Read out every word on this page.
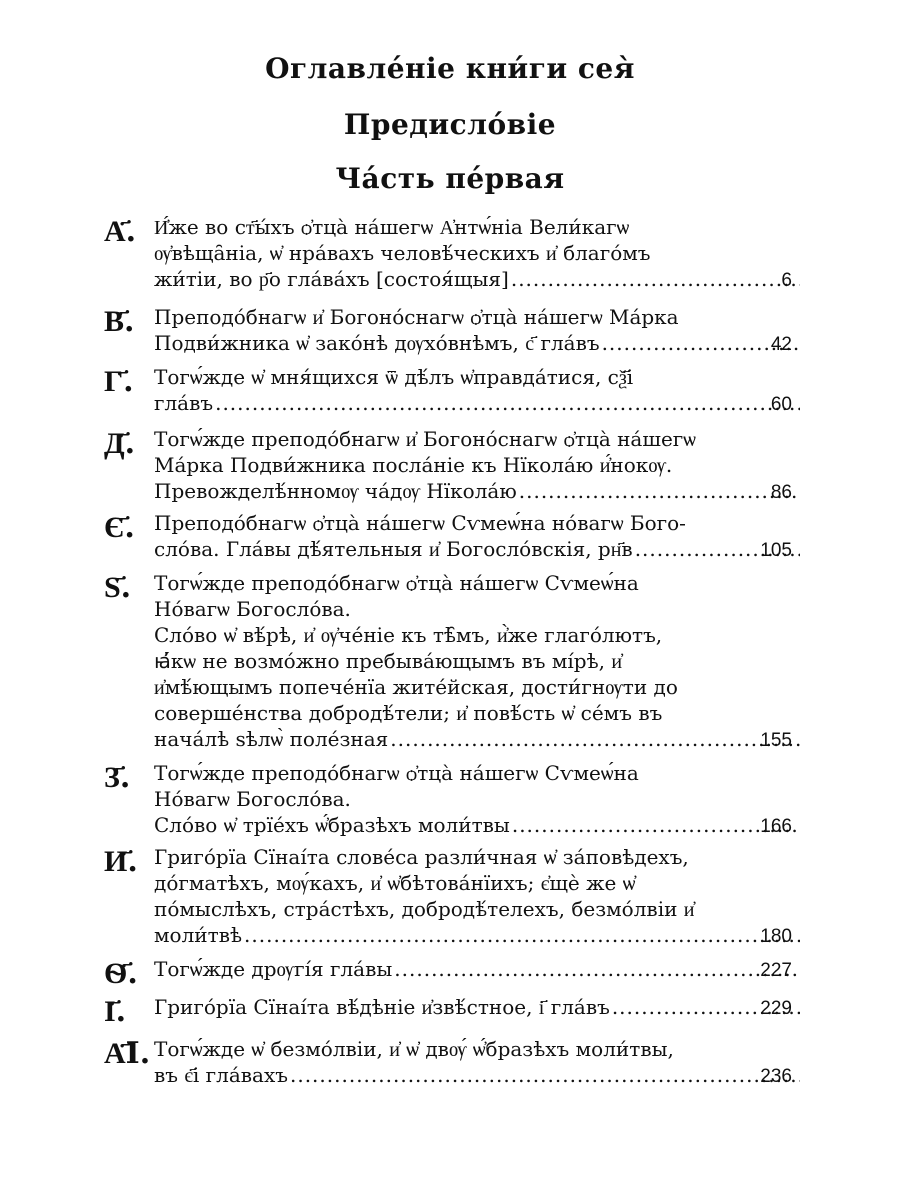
Оглавле́ніе кни́ги сея̀
Предисло́віе
Ча́сть пе́рвая
А҃. И҆́же во ст҃ы́хъ ѻ҆тца̀ на́шегѡ А҆нтѡ́ніа Вели́кагѡ
ѹ҆вѣща̑ніа, ѡ҆ нра́вахъ человѣ́ческихъ и҆ благо́мъ
жи́тіи, во р҃о гла́ва́хъ [состоя́щыя] .....	6
В҃. Преподо́бнагѡ и҆ Богоно́снагѡ ѻ҆тца̀ на́шегѡ Ма́рка
Подви́жника ѡ҆ зако́нѣ дѹхо́внѣмъ, с҃ гла́въ .....	42
Г҃.	Тогѡ́жде ѡ҆ мня́щихся ѿ дѣ́лъ ѡ҆правда́тися, сѯ҃і
гла́въ .....	60
Д҃. Тогѡ́жде преподо́бнагѡ и҆ Богоно́снагѡ ѻ҆тца̀ на́шегѡ
Ма́рка Подви́жника посла́ніе къ Нїкола́ю и҆́нокѹ.
Превожделѣ́нномѹ ча́дѹ Нїкола́ю .....	86
Є҃. Преподо́бнагѡ ѻ҆тца̀ на́шегѡ Сѵмеѡ́на но́вагѡ Бого-
сло́ва. Гла́вы дѣ́ятельныя и҆ Богосло́вскія, рн҃в .....	105
Ѕ҃.	Тогѡ́жде преподо́бнагѡ ѻ҆тца̀ на́шегѡ Сѵмеѡ́на
Но́вагѡ Богосло́ва.
Сло́во ѡ҆ вѣ́рѣ, и҆ ѹ҆че́ніе къ тѣ̑мъ, и҆̀же глаго́лютъ,
ꙗ҆́кѡ не возмо́жно пребыва́ющымъ въ мі́рѣ, и҆
и҆мѣ́ющымъ попече́нїа жите́йская, дости́гнѹти до
соверше́нства добродѣ́тели; и҆ повѣ́сть ѡ҆ се́мъ въ
нача́лѣ ѕѣлѡ̀ поле́зная .....	155
З҃.	Тогѡ́жде преподо́бнагѡ ѻ҆тца̀ на́шегѡ Сѵмеѡ́на
Но́вагѡ Богосло́ва.
Сло́во ѡ҆ трїе́хъ ѡ҆́бразѣхъ моли́твы .....	166
И҃. Григо́рїа Сїнаі́та слове́са разли́чная ѡ҆ за́повѣдехъ,
до́гматѣхъ, мѹ́кахъ, и҆ ѡ҆бѣтова́нїихъ; є҆щѐ же ѡ҆
по́мыслѣхъ, стра́стѣхъ, добродѣ́телехъ, безмо́лвіи и҆
моли́твѣ .....	180
Ѳ҃. Тогѡ́жде дрѹгі́я гла́вы .....	227
І҃.	Григо́рїа Сїнаі́та вѣ́дѣніе и҆звѣ́стное, і҃ гла́въ .....	229
А҃І. Тогѡ́жде ѡ҆ безмо́лвіи, и҆ ѡ҆ двѹ́ ѡ҆́бразѣхъ моли́твы,
въ є҃і гла́вахъ .....	236
